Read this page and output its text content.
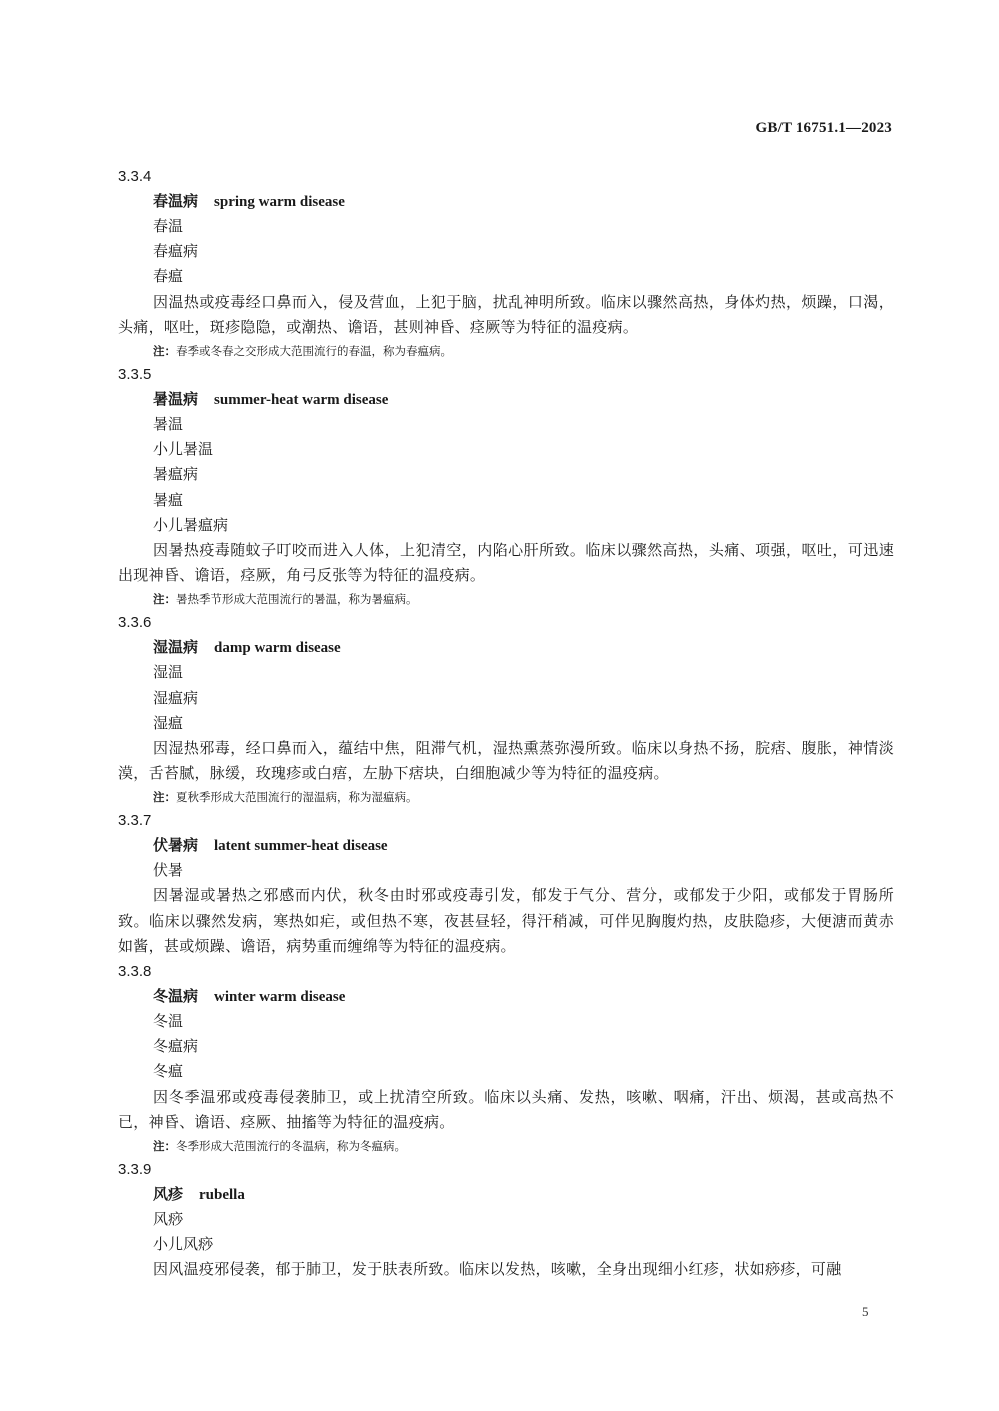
GB/T 16751.1—2023
3.3.4
春温病 spring warm disease
春温
春瘟病
春瘟
因温热或疫毒经口鼻而入，侵及营血，上犯于脑，扰乱神明所致。临床以骤然高热，身体灼热，烦躁，口渴，头痛，呕吐，斑疹隐隐，或潮热、谵语，甚则神昏、痉厥等为特征的温疫病。
注：春季或冬春之交形成大范围流行的春温，称为春瘟病。
3.3.5
暑温病 summer-heat warm disease
暑温
小儿暑温
暑瘟病
暑瘟
小儿暑瘟病
因暑热疫毒随蚊子叮咬而进入人体，上犯清空，内陷心肝所致。临床以骤然高热，头痛、项强，呕吐，可迅速出现神昏、谵语，痉厥，角弓反张等为特征的温疫病。
注：暑热季节形成大范围流行的暑温，称为暑瘟病。
3.3.6
湿温病 damp warm disease
湿温
湿瘟病
湿瘟
因湿热邪毒，经口鼻而入，蕴结中焦，阻滞气机，湿热熏蒸弥漫所致。临床以身热不扬，脘痞、腹胀，神情淡漠，舌苔腻，脉缓，玫瑰疹或白痦，左胁下痞块，白细胞减少等为特征的温疫病。
注：夏秋季形成大范围流行的湿温病，称为湿瘟病。
3.3.7
伏暑病 latent summer-heat disease
伏暑
因暑湿或暑热之邪感而内伏，秋冬由时邪或疫毒引发，郁发于气分、营分，或郁发于少阳，或郁发于胃肠所致。临床以骤然发病，寒热如疟，或但热不寒，夜甚昼轻，得汗稍减，可伴见胸腹灼热，皮肤隐疹，大便溏而黄赤如酱，甚或烦躁、谵语，病势重而缠绵等为特征的温疫病。
3.3.8
冬温病 winter warm disease
冬温
冬瘟病
冬瘟
因冬季温邪或疫毒侵袭肺卫，或上扰清空所致。临床以头痛、发热，咳嗽、咽痛，汗出、烦渴，甚或高热不已，神昏、谵语、痉厥、抽搐等为特征的温疫病。
注：冬季形成大范围流行的冬温病，称为冬瘟病。
3.3.9
风疹 rubella
风痧
小儿风痧
因风温疫邪侵袭，郁于肺卫，发于肤表所致。临床以发热，咳嗽，全身出现细小红疹，状如痧疹，可融
5
